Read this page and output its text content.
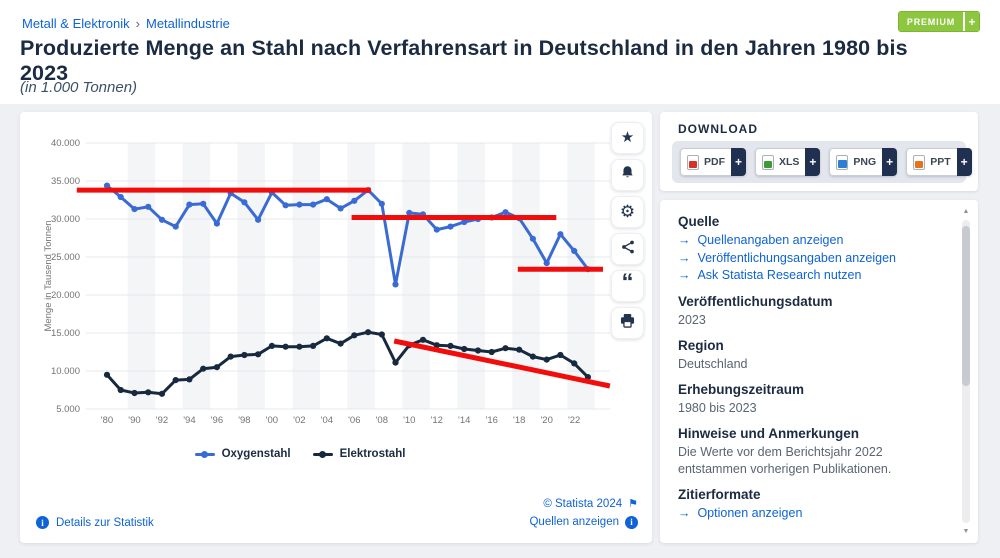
Metall & Elektronik › Metallindustrie	PREMIUM	+
Produzierte Menge an Stahl nach Verfahrensart in Deutschland in den Jahren 1980 bis 2023
(in 1.000 Tonnen)
40.000
35.000
30.000
25.000
20.000
15.000
10.000
5.000
Menge in Tausend Tonnen
'80 '90 '92 '94 '96 '98 '00 '02 '04 '06 '08 '10 '12 '14 '16 '18 '20 '22
Oxygenstahl	Elektrostahl
i	Details zur Statistik
© Statista 2024 ⚑
Quellen anzeigen	i
★
⚙
“
DOWNLOAD
PDF +	XLS +	PNG +	PPT +
Quelle
→  Quellenangaben anzeigen
→  Veröffentlichungsangaben anzeigen
→  Ask Statista Research nutzen
Veröffentlichungsdatum
2023
Region
Deutschland
Erhebungszeitraum
1980 bis 2023
Hinweise und Anmerkungen
Die Werte vor dem Berichtsjahr 2022 entstammen vorherigen Publikationen.
Zitierformate
→  Optionen anzeigen
▲
▼
